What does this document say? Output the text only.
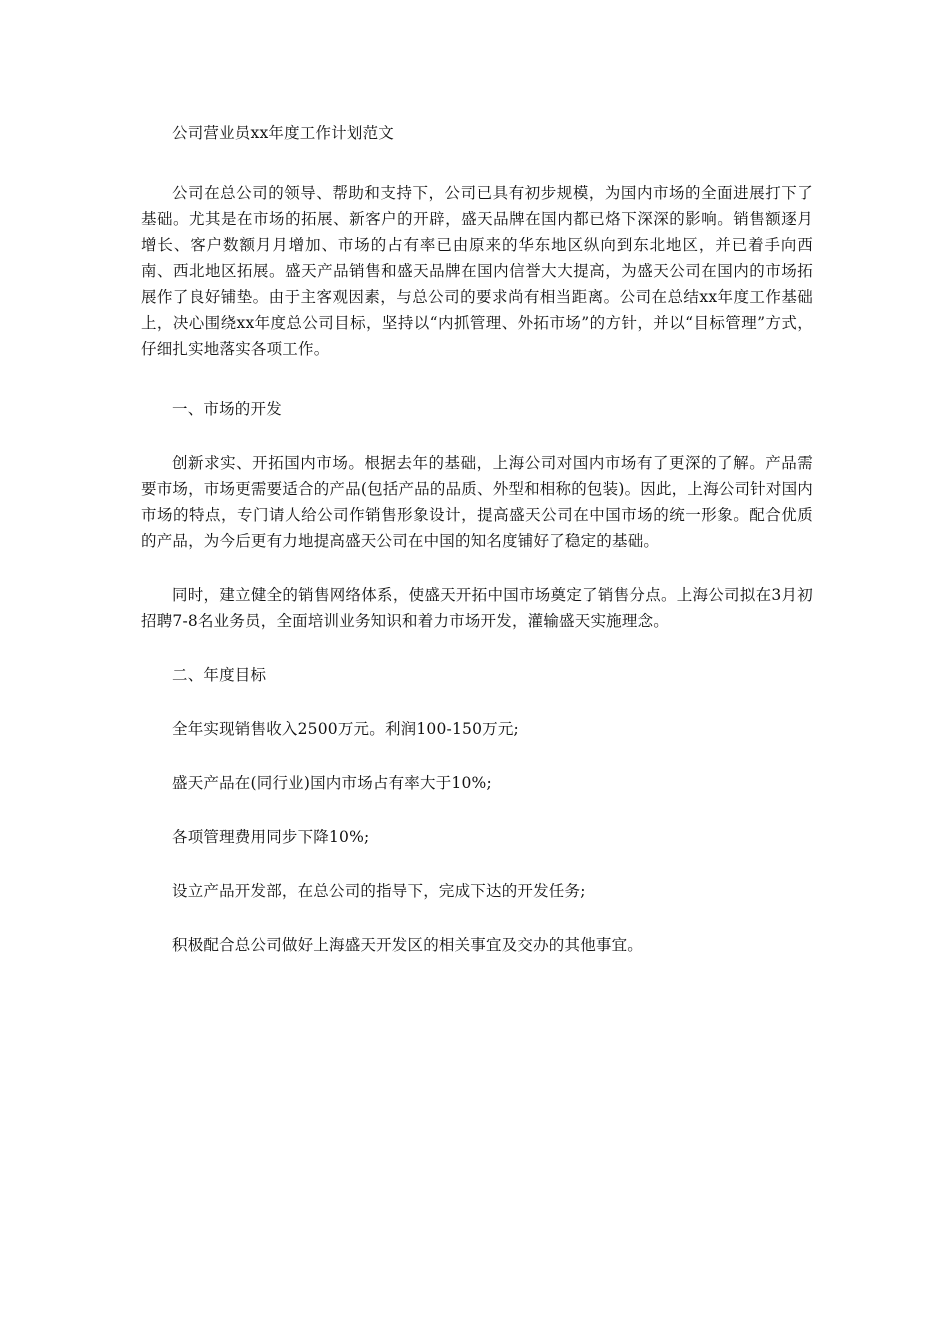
公司营业员xx年度工作计划范文

公司在总公司的领导、帮助和支持下，公司已具有初步规模，为国内市场的全面进展打下了基础。尤其是在市场的拓展、新客户的开辟，盛天品牌在国内都已烙下深深的影响。销售额逐月增长、客户数额月月增加、市场的占有率已由原来的华东地区纵向到东北地区，并已着手向西南、西北地区拓展。盛天产品销售和盛天品牌在国内信誉大大提高，为盛天公司在国内的市场拓展作了良好铺垫。由于主客观因素，与总公司的要求尚有相当距离。公司在总结xx年度工作基础上，决心围绕xx年度总公司目标，坚持以“内抓管理、外拓市场”的方针，并以“目标管理”方式，仔细扎实地落实各项工作。

一、市场的开发

创新求实、开拓国内市场。根据去年的基础，上海公司对国内市场有了更深的了解。产品需要市场，市场更需要适合的产品(包括产品的品质、外型和相称的包装)。因此，上海公司针对国内市场的特点，专门请人给公司作销售形象设计，提高盛天公司在中国市场的统一形象。配合优质的产品，为今后更有力地提高盛天公司在中国的知名度铺好了稳定的基础。

同时，建立健全的销售网络体系，使盛天开拓中国市场奠定了销售分点。上海公司拟在3月初招聘7-8名业务员，全面培训业务知识和着力市场开发，灌输盛天实施理念。

二、年度目标

全年实现销售收入2500万元。利润100-150万元;

盛天产品在(同行业)国内市场占有率大于10%;

各项管理费用同步下降10%;

设立产品开发部，在总公司的指导下，完成下达的开发任务;

积极配合总公司做好上海盛天开发区的相关事宜及交办的其他事宜。
